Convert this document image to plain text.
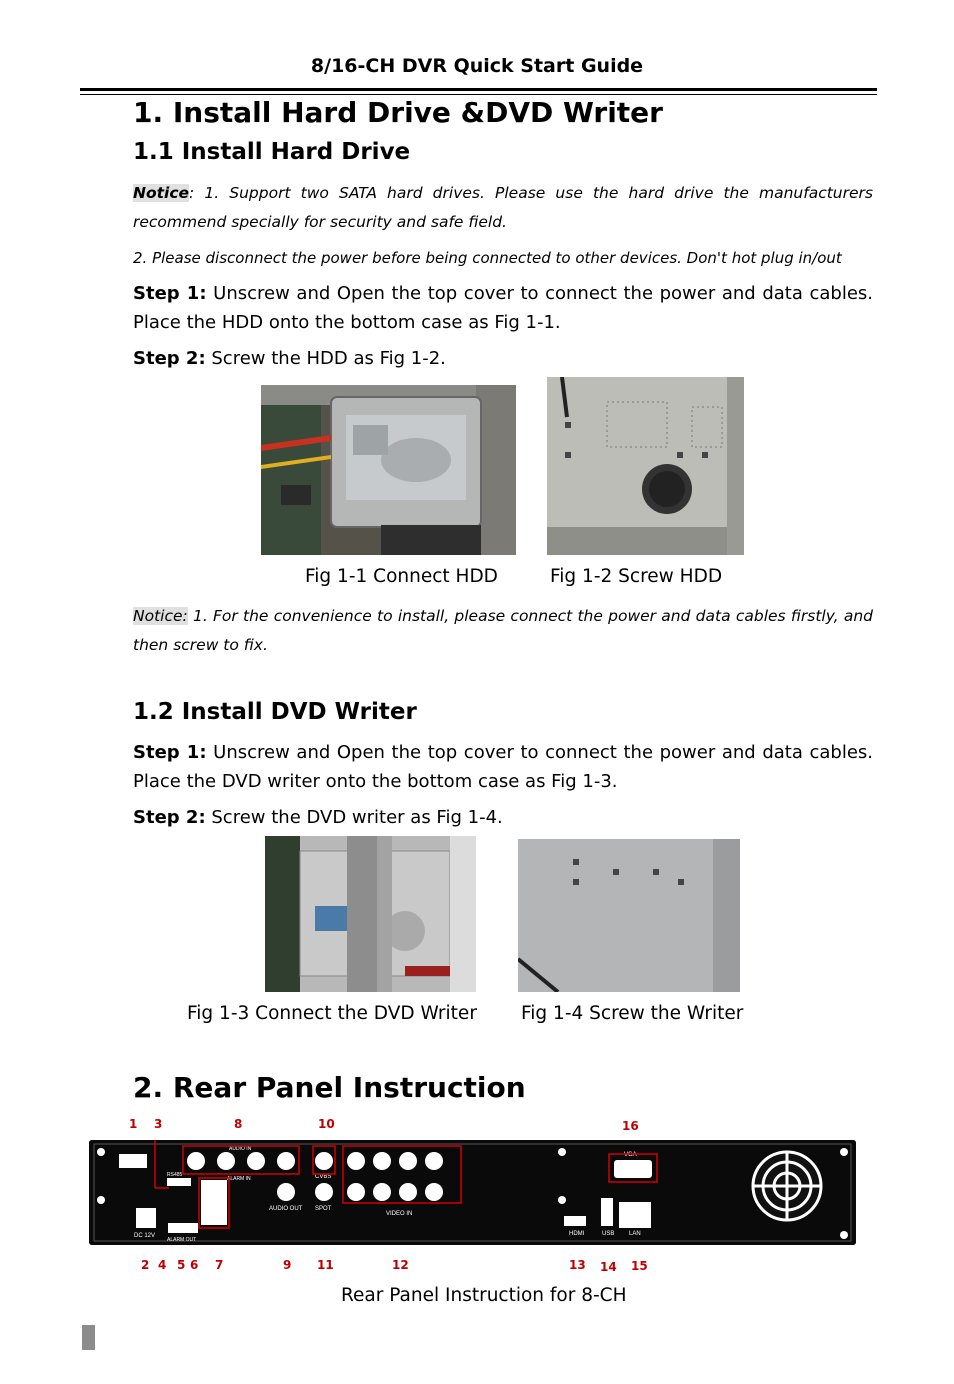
8/16-CH DVR Quick Start Guide
1. Install Hard Drive &DVD Writer
1.1 Install Hard Drive
Notice: 1. Support two SATA hard drives. Please use the hard drive the manufacturers recommend specially for security and safe field.
2. Please disconnect the power before being connected to other devices. Don't hot plug in/out
Step 1: Unscrew and Open the top cover to connect the power and data cables. Place the HDD onto the bottom case as Fig 1-1.
Step 2: Screw the HDD as Fig 1-2.
Fig 1-1 Connect HDD	Fig 1-2 Screw HDD
Notice: 1. For the convenience to install, please connect the power and data cables firstly, and then screw to fix.
1.2 Install DVD Writer
Step 1: Unscrew and Open the top cover to connect the power and data cables. Place the DVD writer onto the bottom case as Fig 1-3.
Step 2: Screw the DVD writer as Fig 1-4.
Fig 1-3 Connect the DVD Writer Fig 1-4 Screw the Writer
2. Rear Panel Instruction
1 3	8	10	16
DC 12V
RS485
ALARM OUT
ALARM IN
AUDIO IN
AUDIO OUT
CVBS
SPOT
VIDEO IN
HDMI	USB LAN
VGA
2 4 5 6 7	9 11	12	13 14 15
Rear Panel Instruction for 8-CH
